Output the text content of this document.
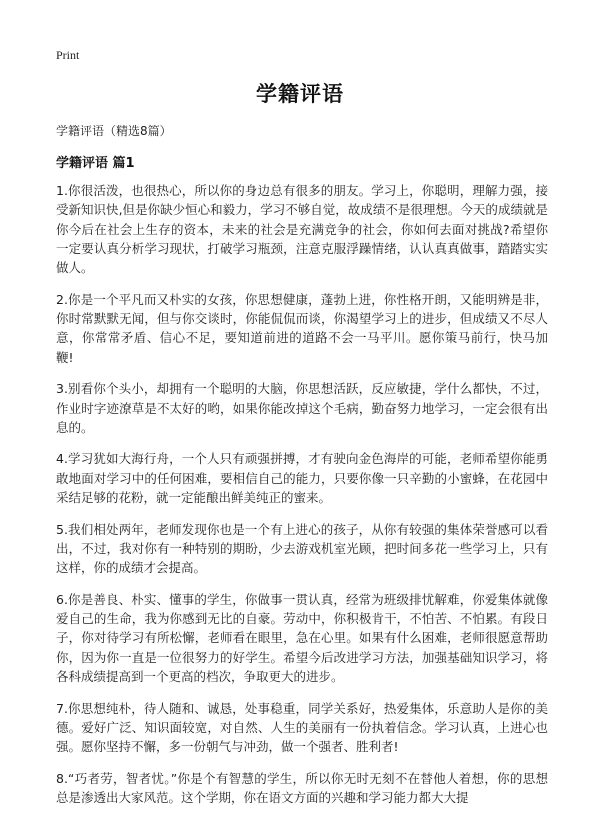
Print
学籍评语
学籍评语（精选8篇）
学籍评语 篇1

1.你很活泼，也很热心，所以你的身边总有很多的朋友。学习上，你聪明，理解力强，接受新知识快,但是你缺少恒心和毅力，学习不够自觉，故成绩不是很理想。今天的成绩就是你今后在社会上生存的资本，未来的社会是充满竞争的社会，你如何去面对挑战?希望你一定要认真分析学习现状，打破学习瓶颈，注意克服浮躁情绪，认认真真做事，踏踏实实做人。

2.你是一个平凡而又朴实的女孩，你思想健康，蓬勃上进，你性格开朗，又能明辨是非，你时常默默无闻，但与你交谈时，你能侃侃而谈，你渴望学习上的进步，但成绩又不尽人意，你常常矛盾、信心不足，要知道前进的道路不会一马平川。愿你策马前行，快马加鞭!

3.别看你个头小，却拥有一个聪明的大脑，你思想活跃，反应敏捷，学什么都快，不过，作业时字迹潦草是不太好的哟，如果你能改掉这个毛病，勤奋努力地学习，一定会很有出息的。

4.学习犹如大海行舟，一个人只有顽强拼搏，才有驶向金色海岸的可能，老师希望你能勇敢地面对学习中的任何困难，要相信自己的能力，只要你像一只辛勤的小蜜蜂，在花园中采结足够的花粉，就一定能酿出鲜美纯正的蜜来。

5.我们相处两年，老师发现你也是一个有上进心的孩子，从你有较强的集体荣誉感可以看出，不过，我对你有一种特别的期盼，少去游戏机室光顾，把时间多花一些学习上，只有这样，你的成绩才会提高。

6.你是善良、朴实、懂事的学生，你做事一贯认真，经常为班级排忧解难，你爱集体就像爱自己的生命，我为你感到无比的自豪。劳动中，你积极肯干，不怕苦、不怕累。有段日子，你对待学习有所松懈，老师看在眼里，急在心里。如果有什么困难，老师很愿意帮助你，因为你一直是一位很努力的好学生。希望今后改进学习方法，加强基础知识学习，将各科成绩提高到一个更高的档次，争取更大的进步。

7.你思想纯朴，待人随和、诚恳，处事稳重，同学关系好，热爱集体，乐意助人是你的美德。爱好广泛、知识面较宽，对自然、人生的美丽有一份执着信念。学习认真，上进心也强。愿你坚持不懈，多一份朝气与冲劲，做一个强者、胜利者!

8.“巧者劳，智者忧。”你是个有智慧的学生，所以你无时无刻不在替他人着想，你的思想总是渗透出大家风范。这个学期，你在语文方面的兴趣和学习能力都大大提
